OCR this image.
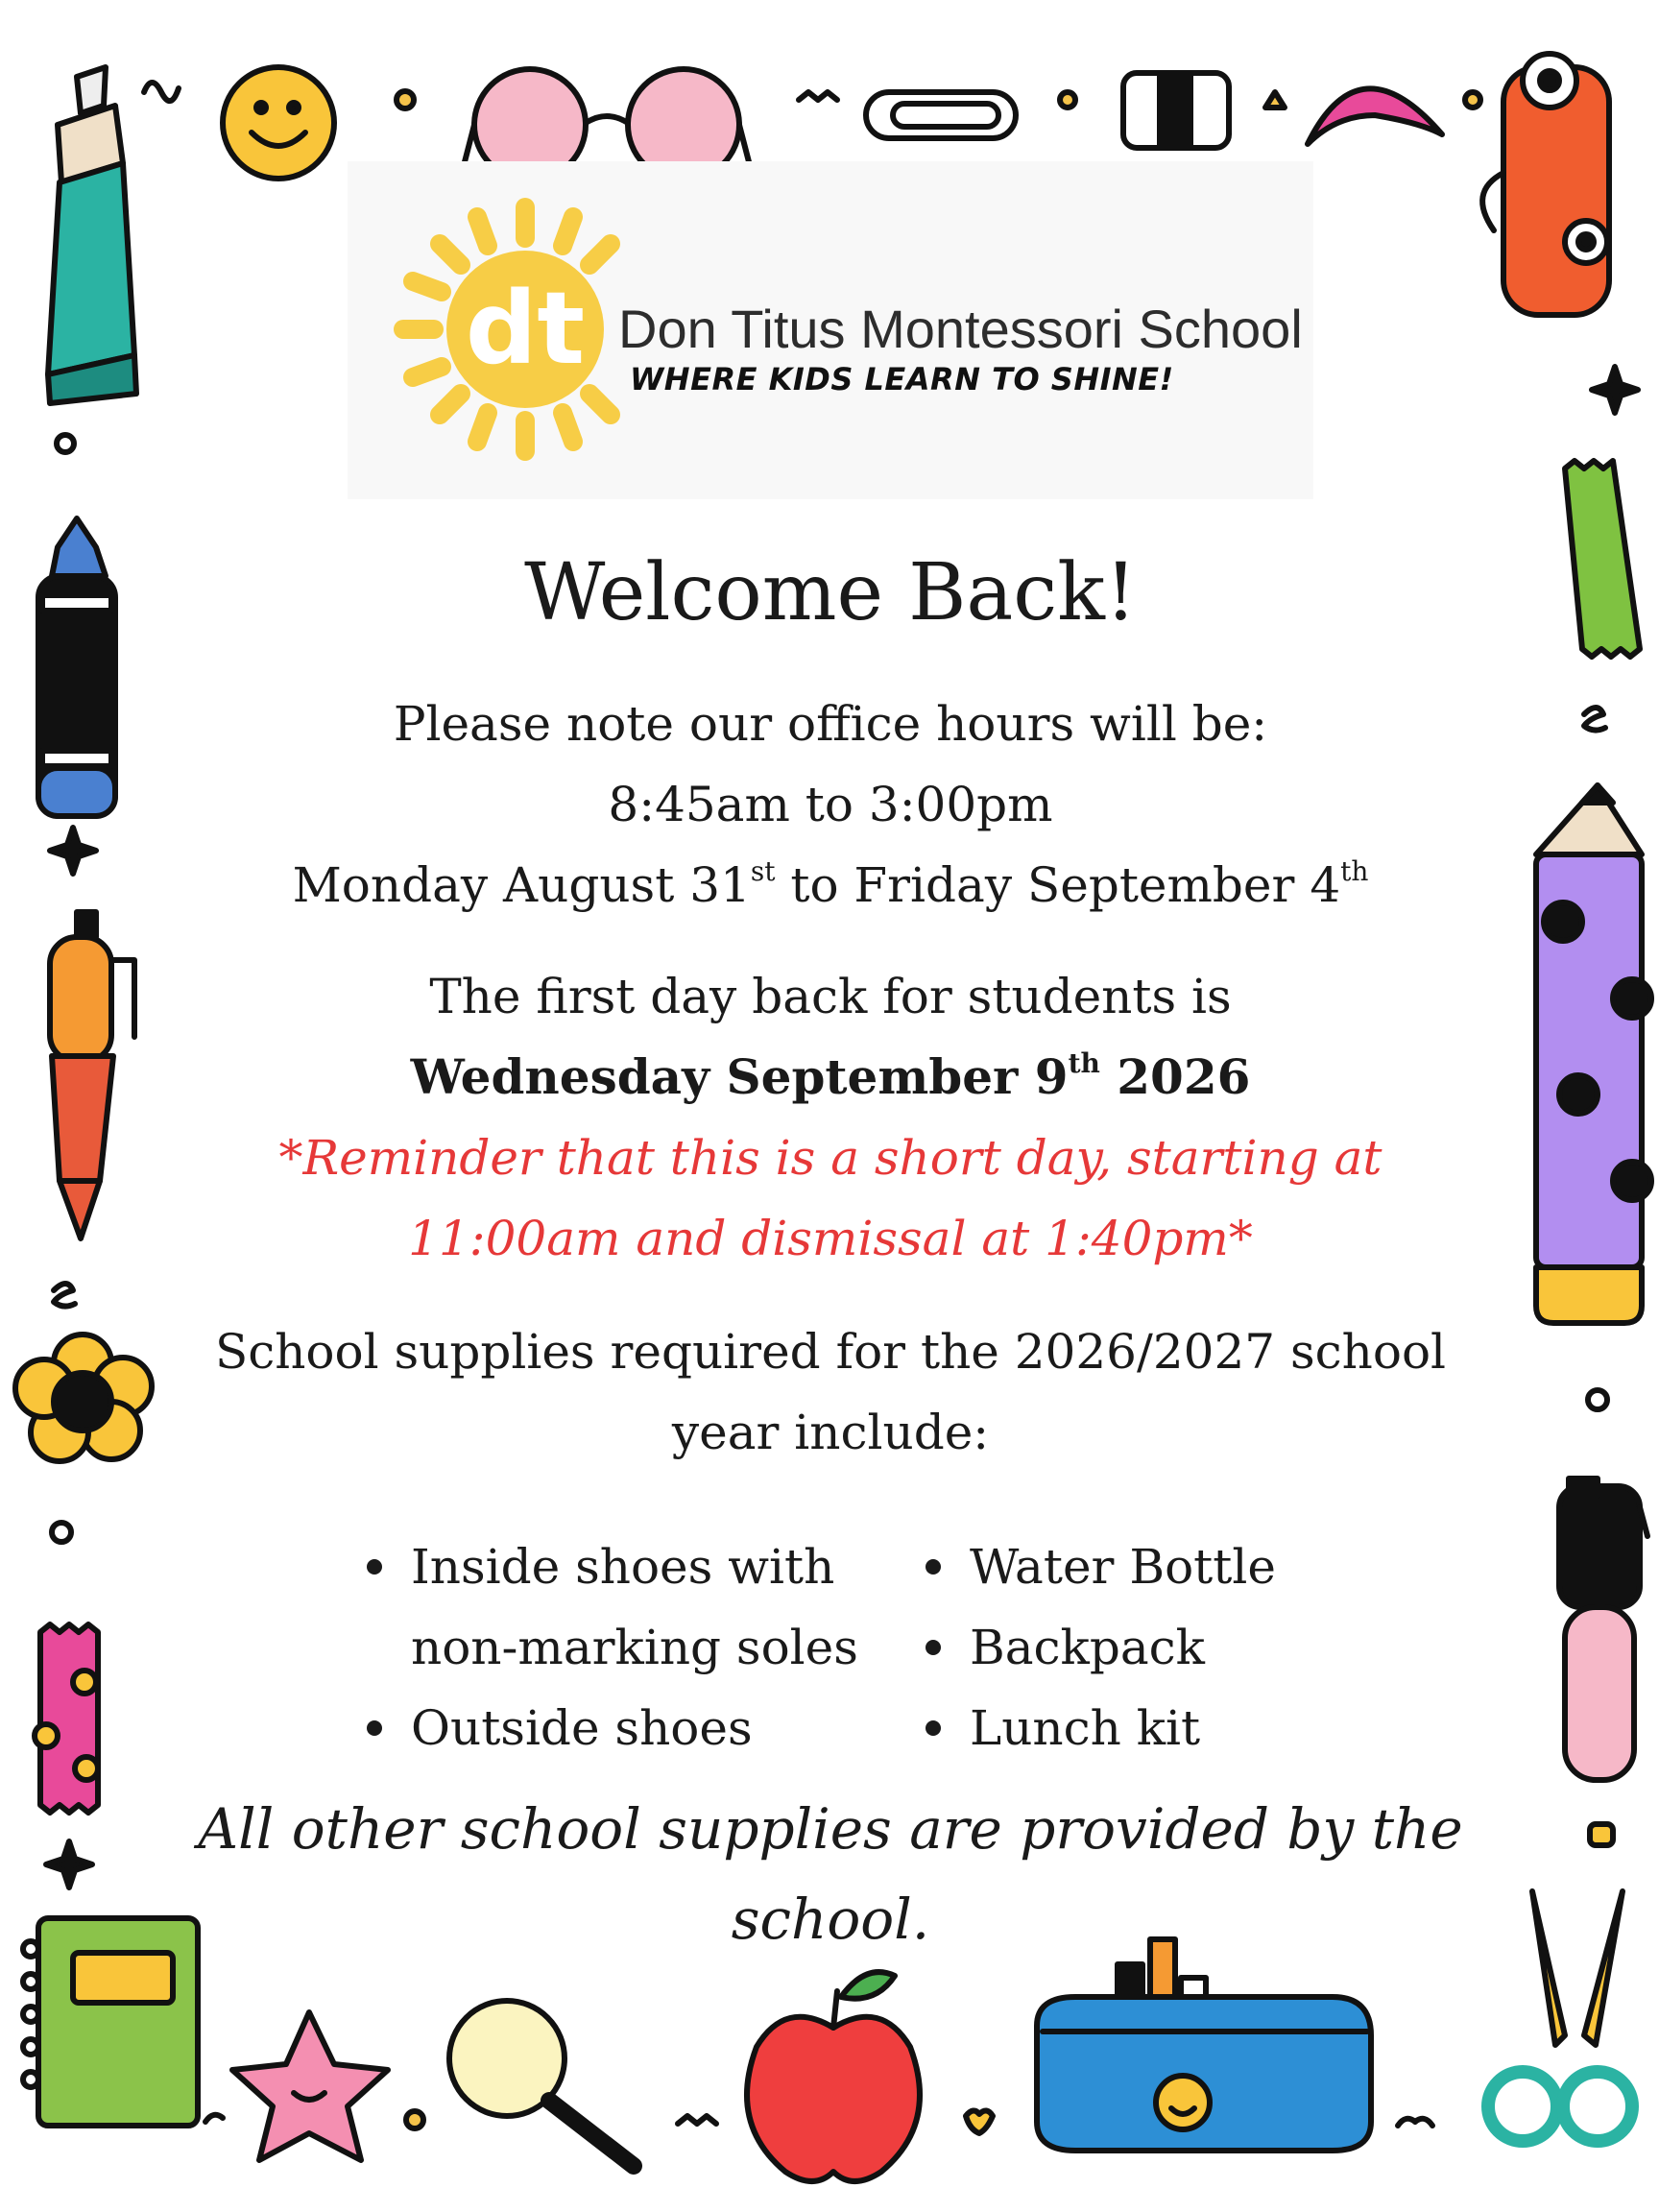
dt Don Titus Montessori School
WHERE KIDS LEARN TO SHINE!
Welcome Back!
Please note our office hours will be:
8:45am to 3:00pm
Monday August 31st to Friday September 4th
The first day back for students is
Wednesday September 9th 2026
*Reminder that this is a short day, starting at
11:00am and dismissal at 1:40pm*
School supplies required for the 2026/2027 school
year include:
Inside shoes with
non-marking soles
Outside shoes
Water Bottle
Backpack
Lunch kit
All other school supplies are provided by the
school.
